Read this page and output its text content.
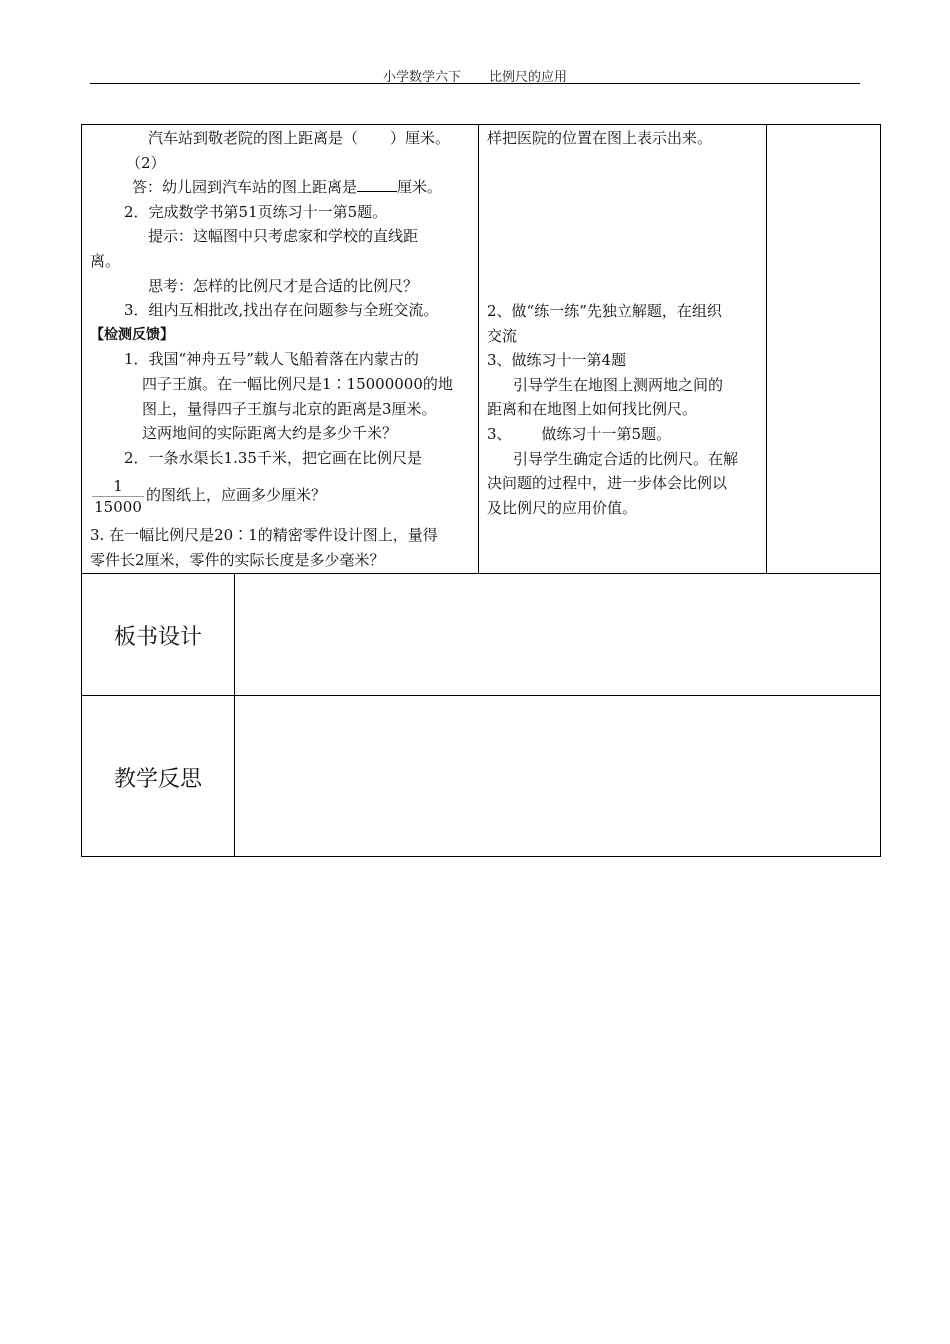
小学数学六下 比例尺的应用

汽车站到敬老院的图上距离是（ ）厘米。

（2）

答：幼儿园到汽车站的图上距离是	厘米。

2．完成数学书第51页练习十一第5题。

提示：这幅图中只考虑家和学校的直线距

离。

思考：怎样的比例尺才是合适的比例尺？

3．组内互相批改,找出存在问题参与全班交流。

【检测反馈】

1．我国“神舟五号”载人飞船着落在内蒙古的

四子王旗。在一幅比例尺是1∶15000000的地

图上，量得四子王旗与北京的距离是3厘米。

这两地间的实际距离大约是多少千米？

2．一条水渠长1.35千米，把它画在比例尺是

$\frac{1}{15000}$ 的图纸上，应画多少厘米？

3. 在一幅比例尺是20∶1的精密零件设计图上，量得

零件长2厘米，零件的实际长度是多少毫米？

样把医院的位置在图上表示出来。

2、做“练一练”先独立解题，在组织

交流

3、做练习十一第4题

引导学生在地图上测两地之间的

距离和在地图上如何找比例尺。

3、 做练习十一第5题。

引导学生确定合适的比例尺。在解

决问题的过程中，进一步体会比例以

及比例尺的应用价值。

板书设计
教学反思
